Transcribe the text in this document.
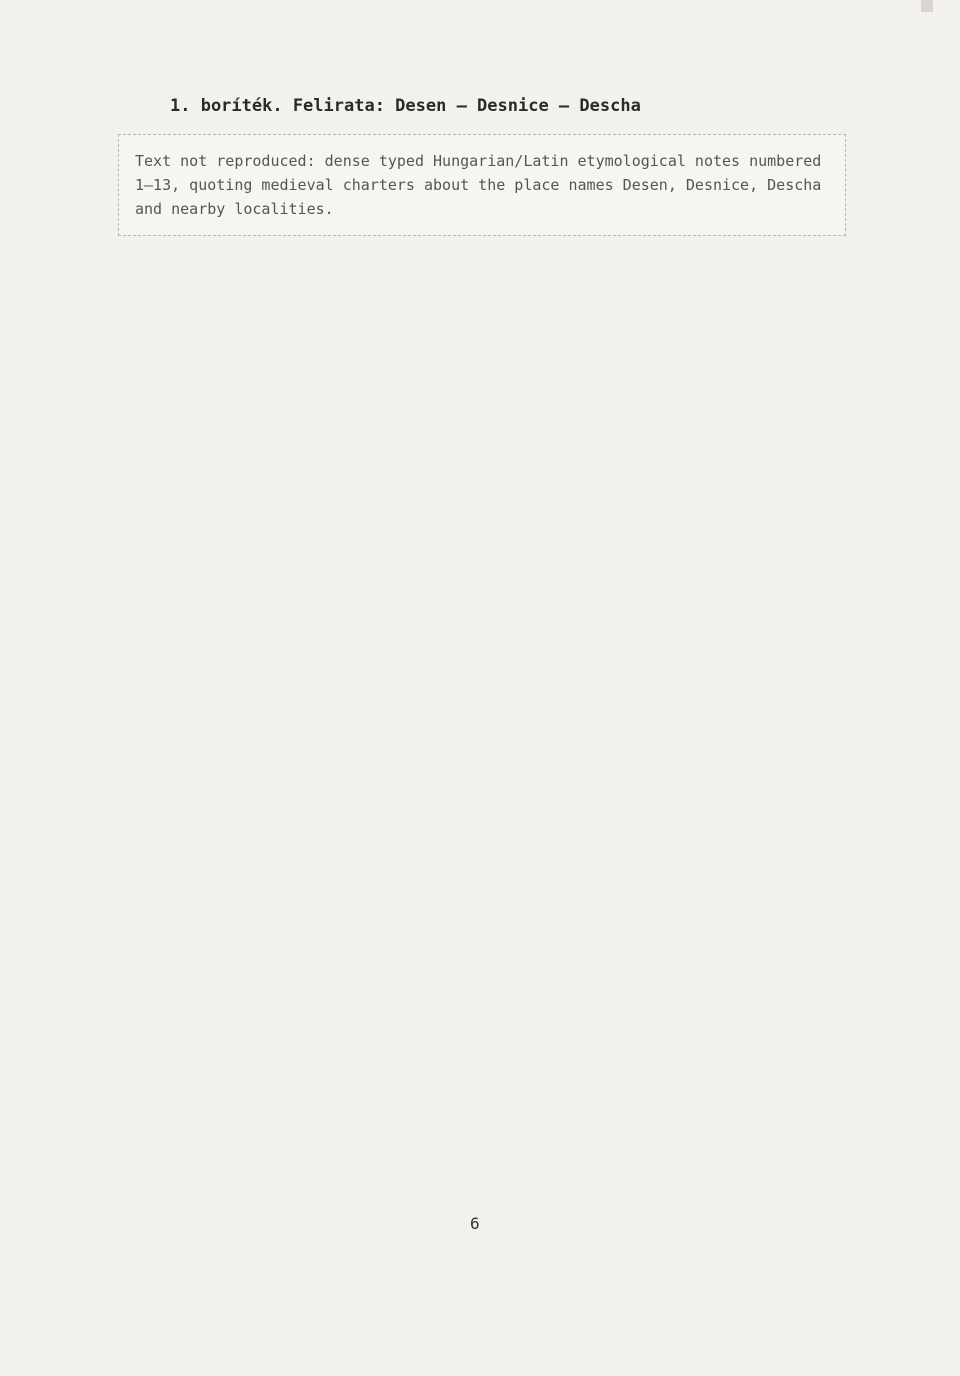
1. boríték. Felirata: Desen – Desnice – Descha
Text not reproduced: dense typed Hungarian/Latin etymological notes numbered 1–13, quoting medieval charters about the place names Desen, Desnice, Descha and nearby localities.
6
